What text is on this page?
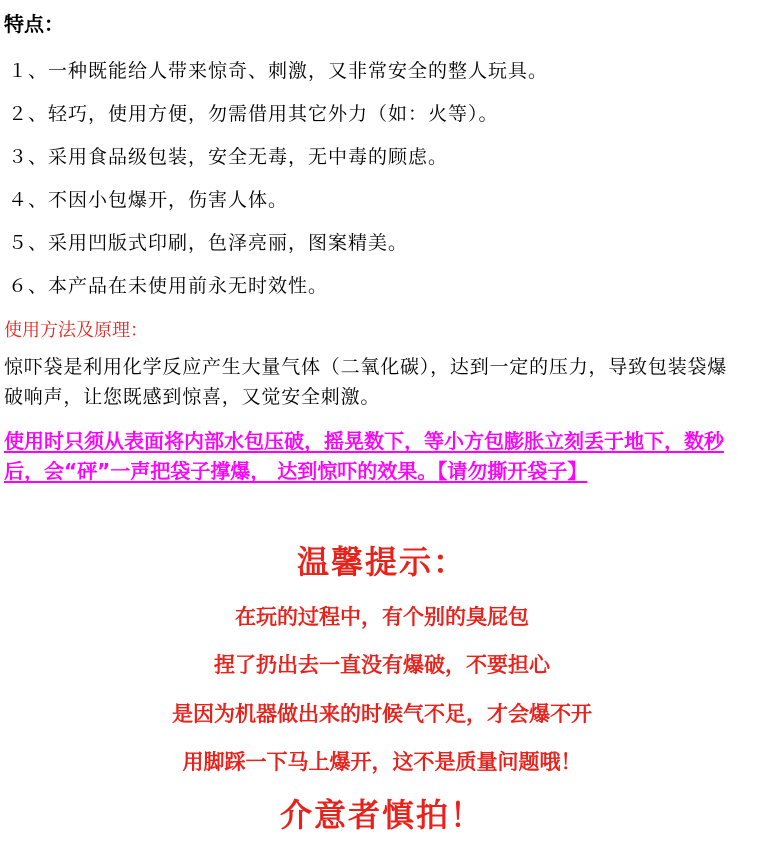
特点：
１、一种既能给人带来惊奇、刺激，又非常安全的整人玩具。
２、轻巧，使用方便，勿需借用其它外力（如：火等）。
３、采用食品级包装，安全无毒，无中毒的顾虑。
４、不因小包爆开，伤害人体。
５、采用凹版式印刷，色泽亮丽，图案精美。
６、本产品在未使用前永无时效性。
使用方法及原理：
惊吓袋是利用化学反应产生大量气体（二氧化碳），达到一定的压力，导致包装袋爆破响声，让您既感到惊喜，又觉安全刺激。
使用时只须从表面将内部水包压破，摇晃数下，等小方包膨胀立刻丢于地下，数秒后，会“砰”一声把袋子撑爆， 达到惊吓的效果。【请勿撕开袋子】
温馨提示：
在玩的过程中，有个别的臭屁包
捏了扔出去一直没有爆破，不要担心
是因为机器做出来的时候气不足，才会爆不开
用脚踩一下马上爆开，这不是质量问题哦！
介意者慎拍！
